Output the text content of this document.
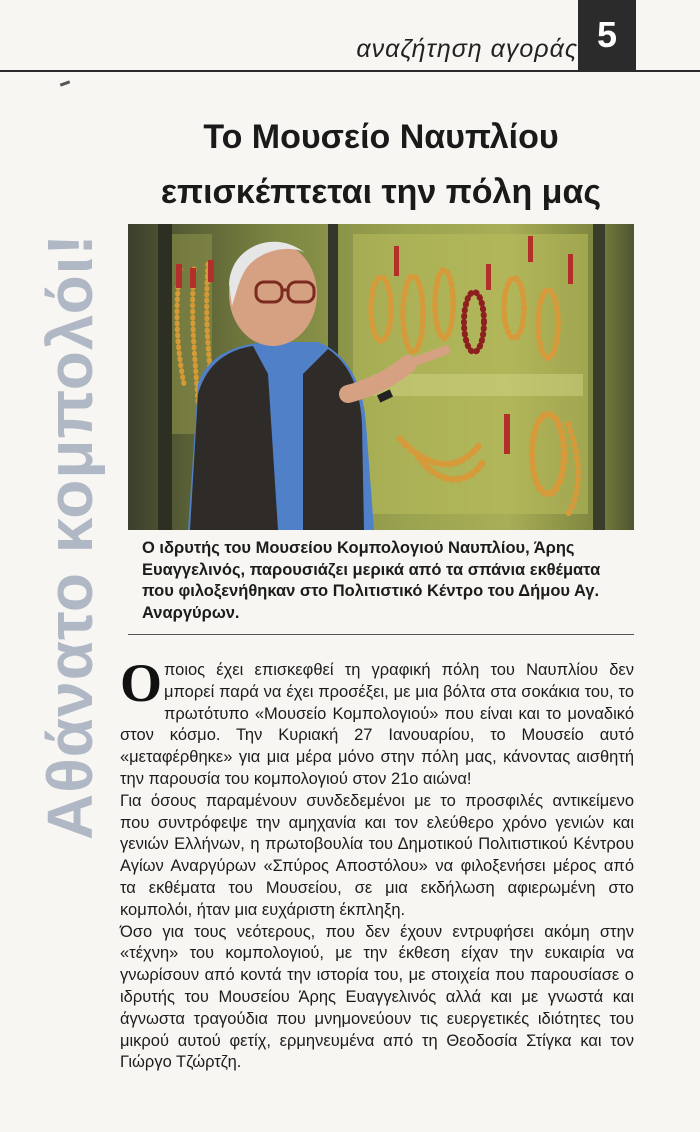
αναζήτηση αγοράς 5
Αθάνατο κομπολόι!
Το Μουσείο Ναυπλίου
επισκέπτεται την πόλη μας
Ο ιδρυτής του Μουσείου Κομπολογιού Ναυπλίου, Άρης Ευαγγελινός, παρουσιάζει μερικά από τα σπάνια εκθέματα που φιλοξενήθηκαν στο Πολιτιστικό Κέντρο του Δήμου Αγ. Αναργύρων.

Οποιος έχει επισκεφθεί τη γραφική πόλη του Ναυπλίου δεν μπορεί παρά να έχει προσέξει, με μια βόλτα στα σοκάκια του, το πρωτότυπο «Μουσείο Κομπολογιού» που είναι και το μοναδικό στον κόσμο. Την Κυριακή 27 Ιανουαρίου, το Μουσείο αυτό «μεταφέρθηκε» για μια μέρα μόνο στην πόλη μας, κάνοντας αισθητή την παρουσία του κομπολογιού στον 21ο αιώνα!

Για όσους παραμένουν συνδεδεμένοι με το προσφιλές αντικείμενο που συντρόφεψε την αμηχανία και τον ελεύθερο χρόνο γενιών και γενιών Ελλήνων, η πρωτοβουλία του Δημοτικού Πολιτιστικού Κέντρου Αγίων Αναργύρων «Σπύρος Αποστόλου» να φιλοξενήσει μέρος από τα εκθέματα του Μουσείου, σε μια εκδήλωση αφιερωμένη στο κομπολόι, ήταν μια ευχάριστη έκπληξη.

Όσο για τους νεότερους, που δεν έχουν εντρυφήσει ακόμη στην «τέχνη» του κομπολογιού, με την έκθεση είχαν την ευκαιρία να γνωρίσουν από κοντά την ιστορία του, με στοιχεία που παρουσίασε ο ιδρυτής του Μουσείου Άρης Ευαγγελινός αλλά και με γνωστά και άγνωστα τραγούδια που μνημονεύουν τις ευεργετικές ιδιότητες του μικρού αυτού φετίχ, ερμηνευμένα από τη Θεοδοσία Στίγκα και τον Γιώργο Τζώρτζη.
